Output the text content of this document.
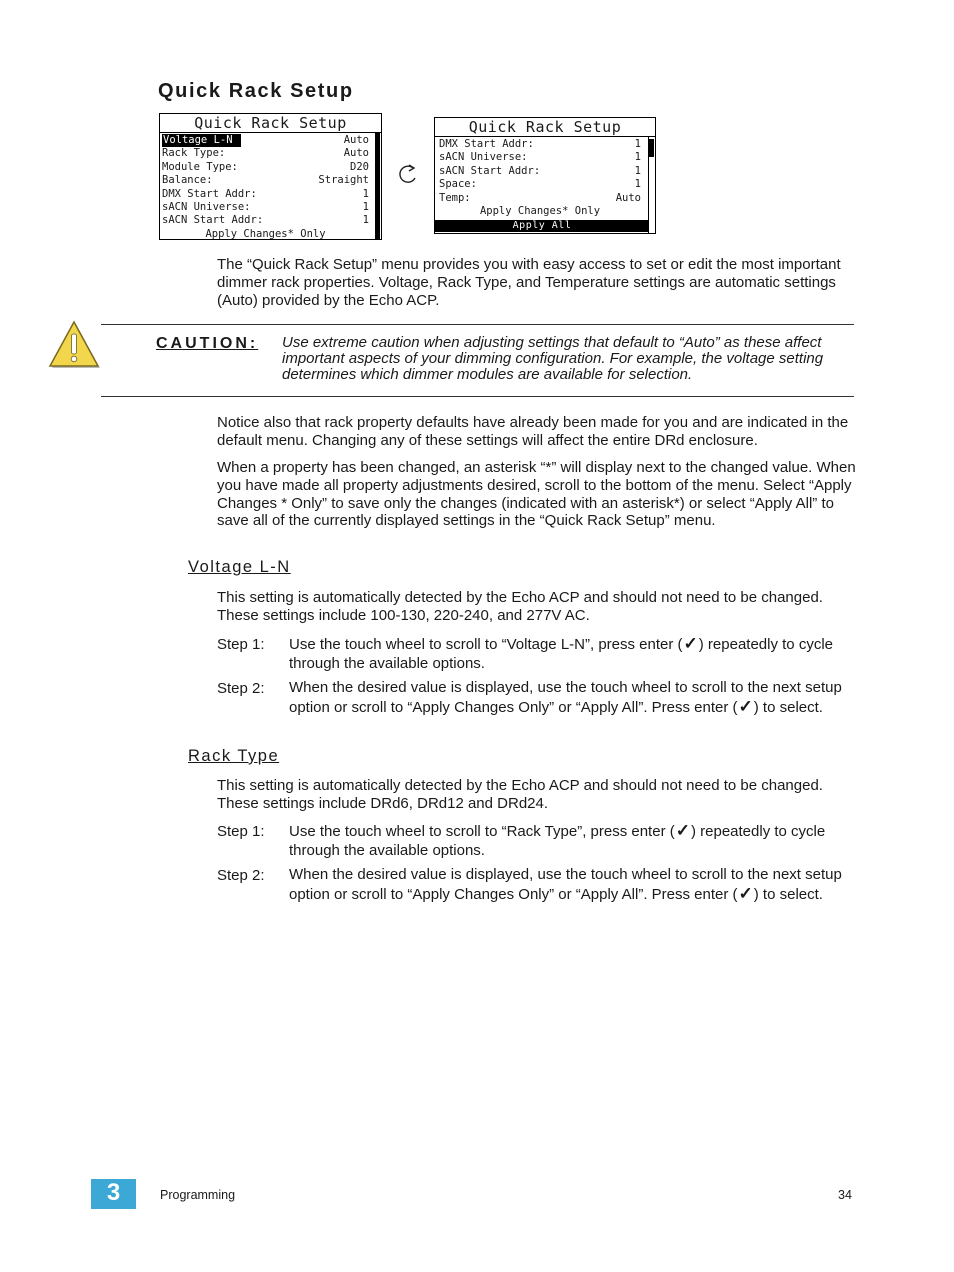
Quick Rack Setup
Quick Rack Setup
Voltage L-N	Auto
Rack Type:	Auto
Module Type:	D20
Balance:	Straight
DMX Start Addr:	1
sACN Universe:	1
sACN Start Addr:	1
Apply Changes* Only
Quick Rack Setup
DMX Start Addr:	1
sACN Universe:	1
sACN Start Addr:	1
Space:	1
Temp:	Auto
Apply Changes* Only
Apply All

The “Quick Rack Setup” menu provides you with easy access to set or edit the most important dimmer rack properties. Voltage, Rack Type, and Temperature settings are automatic settings (Auto) provided by the Echo ACP.

CAUTION: Use extreme caution when adjusting settings that default to “Auto” as these affect important aspects of your dimming configuration. For example, the voltage setting determines which dimmer modules are available for selection.

Notice also that rack property defaults have already been made for you and are indicated in the default menu. Changing any of these settings will affect the entire DRd enclosure.

When a property has been changed, an asterisk “*” will display next to the changed value. When you have made all property adjustments desired, scroll to the bottom of the menu. Select “Apply Changes * Only” to save only the changes (indicated with an asterisk*) or select “Apply All” to save all of the currently displayed settings in the “Quick Rack Setup” menu.

Voltage L-N

This setting is automatically detected by the Echo ACP and should not need to be changed. These settings include 100-130, 220-240, and 277V AC.

Step 1: Use the touch wheel to scroll to “Voltage L-N”, press enter (✓) repeatedly to cycle through the available options.

Step 2: When the desired value is displayed, use the touch wheel to scroll to the next setup option or scroll to “Apply Changes Only” or “Apply All”. Press enter (✓) to select.

Rack Type

This setting is automatically detected by the Echo ACP and should not need to be changed. These settings include DRd6, DRd12 and DRd24.

Step 1: Use the touch wheel to scroll to “Rack Type”, press enter (✓) repeatedly to cycle through the available options.

Step 2: When the desired value is displayed, use the touch wheel to scroll to the next setup option or scroll to “Apply Changes Only” or “Apply All”. Press enter (✓) to select.

3	Programming	34
